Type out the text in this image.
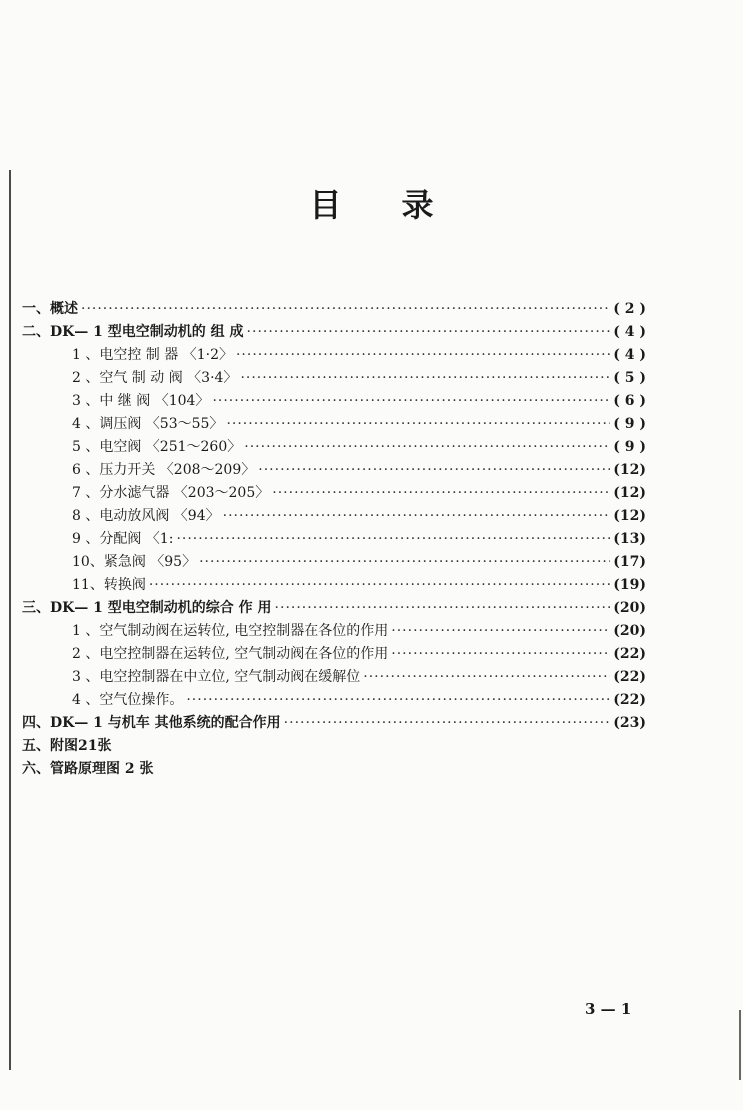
目 录
一、概述 ·····	( 2 )
二、DK— 1 型电空制动机的 组 成 ·····	( 4 )
1 、电空控 制 器 〈1·2〉 ·····	( 4 )
2 、空气 制 动 阀 〈3·4〉 ·····	( 5 )
3 、中 继 阀 〈104〉 ·····	( 6 )
4 、调压阀 〈53～55〉 ·····	( 9 )
5 、电空阀 〈251～260〉 ·····	( 9 )
6 、压力开关 〈208～209〉 ·····	(12)
7 、分水滤气器 〈203～205〉 ·····	(12)
8 、电动放风阀 〈94〉 ·····	(12)
9 、分配阀 〈1: ·····	(13)
10、紧急阀 〈95〉 ·····	(17)
11、转换阀 ·····	(19)
三、DK— 1 型电空制动机的综合 作 用 ·····	(20)
1 、空气制动阀在运转位, 电空控制器在各位的作用 ·····	(20)
2 、电空控制器在运转位, 空气制动阀在各位的作用 ·····	(22)
3 、电空控制器在中立位, 空气制动阀在缓解位 ·····	(22)
4 、空气位操作。 ·····	(22)
四、DK— 1 与机车 其他系统的配合作用 ·····	(23)
五、附图21张
六、管路原理图 2 张
3 — 1
